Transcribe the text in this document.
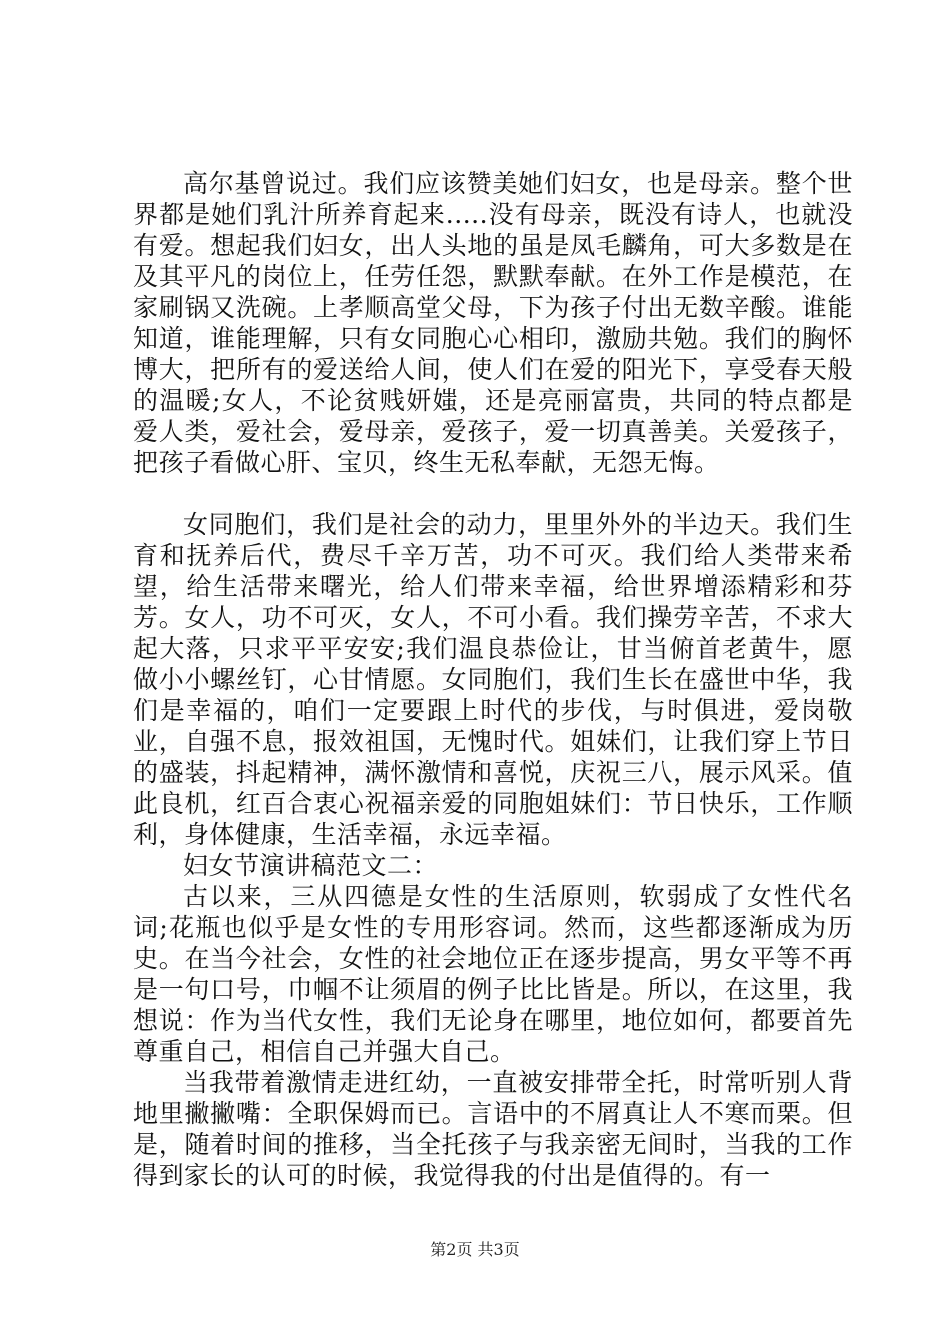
高尔基曾说过。我们应该赞美她们妇女，也是母亲。整个世界都是她们乳汁所养育起来.....没有母亲，既没有诗人，也就没有爱。想起我们妇女，出人头地的虽是凤毛麟角，可大多数是在及其平凡的岗位上，任劳任怨，默默奉献。在外工作是模范，在家刷锅又洗碗。上孝顺高堂父母，下为孩子付出无数辛酸。谁能知道，谁能理解，只有女同胞心心相印，激励共勉。我们的胸怀博大，把所有的爱送给人间，使人们在爱的阳光下，享受春天般的温暖;女人，不论贫贱妍媸，还是亮丽富贵，共同的特点都是爱人类，爱社会，爱母亲，爱孩子，爱一切真善美。关爱孩子，把孩子看做心肝、宝贝，终生无私奉献，无怨无悔。

女同胞们，我们是社会的动力，里里外外的半边天。我们生育和抚养后代，费尽千辛万苦，功不可灭。我们给人类带来希望，给生活带来曙光，给人们带来幸福，给世界增添精彩和芬芳。女人，功不可灭，女人，不可小看。我们操劳辛苦，不求大起大落，只求平平安安;我们温良恭俭让，甘当俯首老黄牛，愿做小小螺丝钉，心甘情愿。女同胞们，我们生长在盛世中华，我们是幸福的，咱们一定要跟上时代的步伐，与时俱进，爱岗敬业，自强不息，报效祖国，无愧时代。姐妹们，让我们穿上节日的盛装，抖起精神，满怀激情和喜悦，庆祝三八，展示风采。值此良机，红百合衷心祝福亲爱的同胞姐妹们：节日快乐，工作顺利，身体健康，生活幸福，永远幸福。

妇女节演讲稿范文二：

古以来，三从四德是女性的生活原则，软弱成了女性代名词;花瓶也似乎是女性的专用形容词。然而，这些都逐渐成为历史。在当今社会，女性的社会地位正在逐步提高，男女平等不再是一句口号，巾帼不让须眉的例子比比皆是。所以，在这里，我想说：作为当代女性，我们无论身在哪里，地位如何，都要首先尊重自己，相信自己并强大自己。

当我带着激情走进红幼，一直被安排带全托，时常听别人背地里撇撇嘴：全职保姆而已。言语中的不屑真让人不寒而栗。但是，随着时间的推移，当全托孩子与我亲密无间时，当我的工作得到家长的认可的时候，我觉得我的付出是值得的。有一

第2页 共3页
